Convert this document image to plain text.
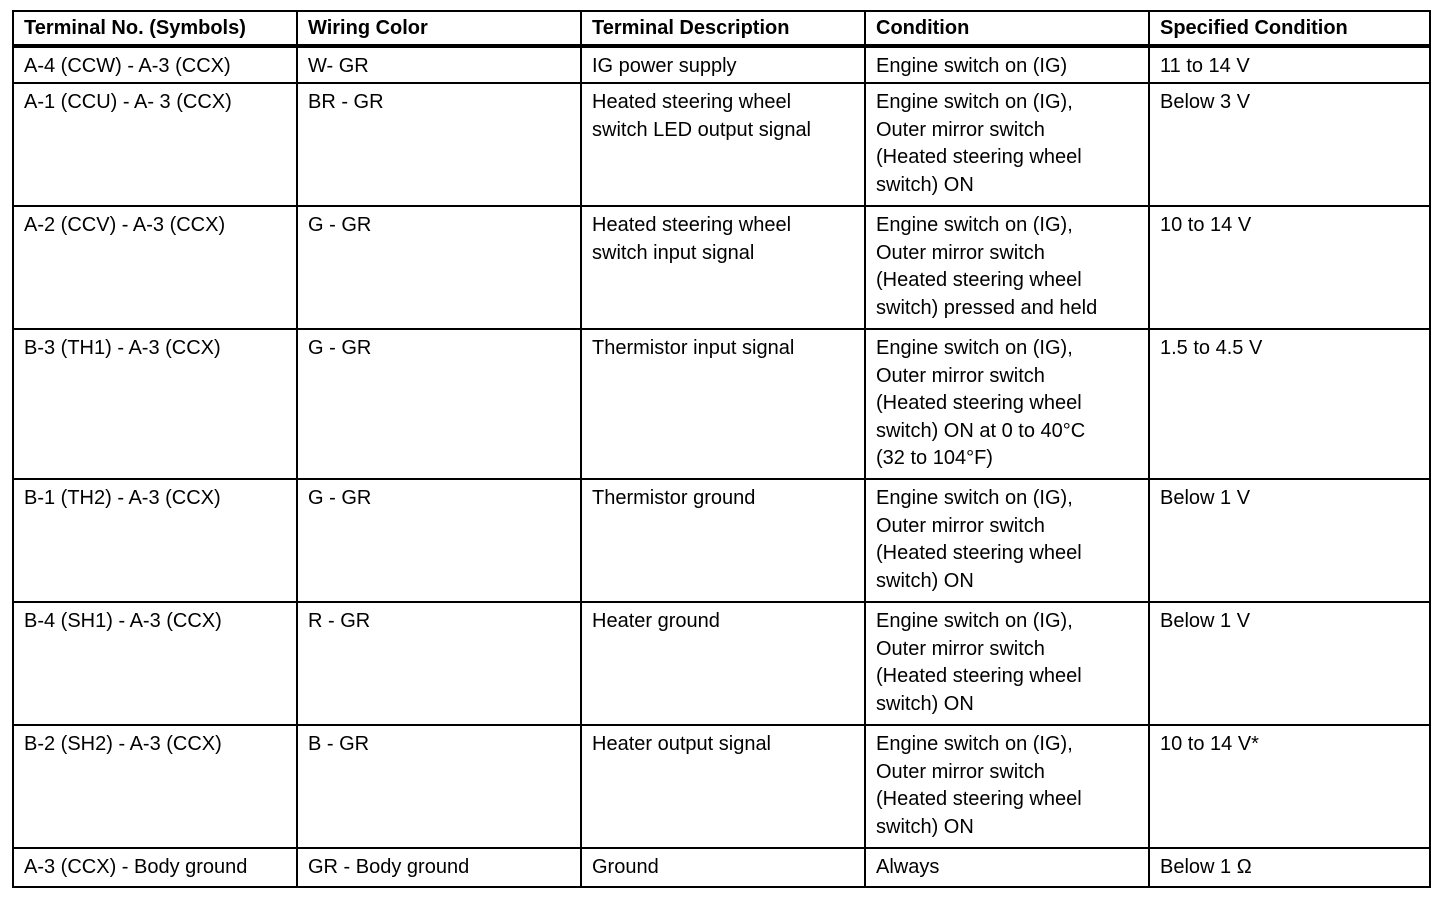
Terminal No. (Symbols)	Wiring Color	Terminal Description	Condition	Specified Condition
A-4 (CCW) - A-3 (CCX)	W- GR	IG power supply	Engine switch on (IG)	11 to 14 V
A-1 (CCU) - A- 3 (CCX)	BR - GR	Heated steering wheel
switch LED output signal	Engine switch on (IG),
Outer mirror switch
(Heated steering wheel
switch) ON	Below 3 V
A-2 (CCV) - A-3 (CCX)	G - GR	Heated steering wheel
switch input signal	Engine switch on (IG),
Outer mirror switch
(Heated steering wheel
switch) pressed and held	10 to 14 V
B-3 (TH1) - A-3 (CCX)	G - GR	Thermistor input signal	Engine switch on (IG),
Outer mirror switch
(Heated steering wheel
switch) ON at 0 to 40°C
(32 to 104°F)	1.5 to 4.5 V
B-1 (TH2) - A-3 (CCX)	G - GR	Thermistor ground	Engine switch on (IG),
Outer mirror switch
(Heated steering wheel
switch) ON	Below 1 V
B-4 (SH1) - A-3 (CCX)	R - GR	Heater ground	Engine switch on (IG),
Outer mirror switch
(Heated steering wheel
switch) ON	Below 1 V
B-2 (SH2) - A-3 (CCX)	B - GR	Heater output signal	Engine switch on (IG),
Outer mirror switch
(Heated steering wheel
switch) ON	10 to 14 V*
A-3 (CCX) - Body ground	GR - Body ground	Ground	Always	Below 1 Ω
